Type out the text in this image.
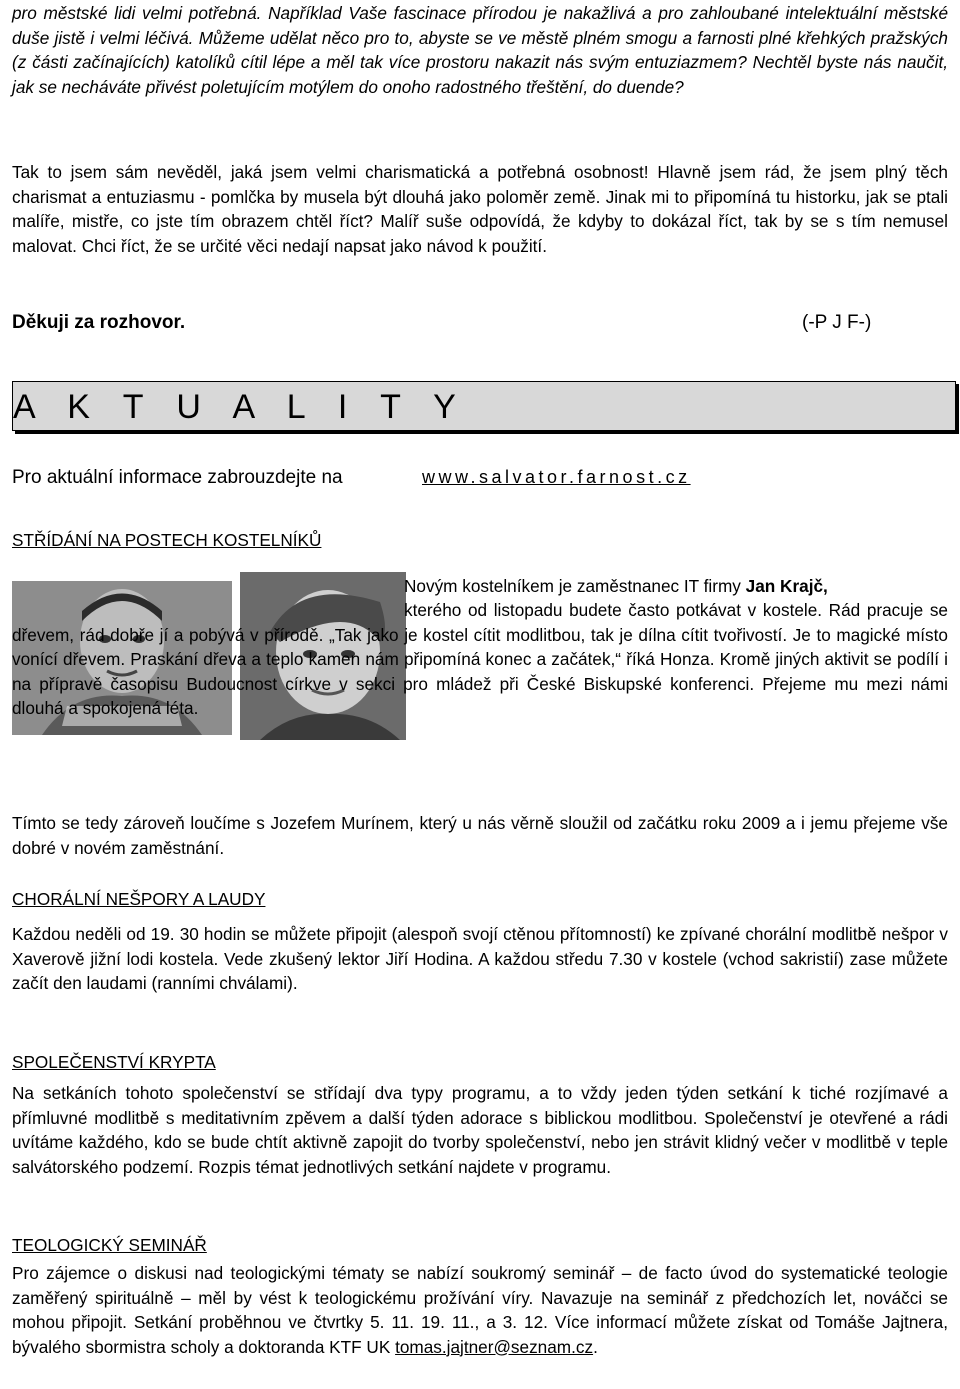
pro městské lidi velmi potřebná. Například Vaše fascinace přírodou je nakažlivá a pro zahloubané intelektuální městské duše jistě i velmi léčivá. Můžeme udělat něco pro to, abyste se ve městě plném smogu a farnosti plné křehkých pražských (z části začínajících) katolíků cítil lépe a měl tak více prostoru nakazit nás svým entuziazmem? Nechtěl byste nás naučit, jak se necháváte přivést poletujícím motýlem do onoho radostného třeštění, do duende?

Tak to jsem sám nevěděl, jaká jsem velmi charismatická a potřebná osobnost! Hlavně jsem rád, že jsem plný těch charismat a entuziasmu - pomlčka by musela být dlouhá jako poloměr země. Jinak mi to připomíná tu historku, jak se ptali malíře, mistře, co jste tím obrazem chtěl říct? Malíř suše odpovídá, že kdyby to dokázal říct, tak by se s tím nemusel malovat. Chci říct, že se určité věci nedají napsat jako návod k použití.

Děkuji za rozhovor.	(-P J F-)
A K T U A L I T Y
Pro aktuální informace zabrouzdejte na	www.salvator.farnost.cz

STŘÍDÁNÍ NA POSTECH KOSTELNÍKŮ

Novým kostelníkem je zaměstnanec IT firmy Jan Krajč,

kterého od listopadu budete často potkávat v kostele. Rád pracuje se dřevem, rád dobře jí a pobývá v přírodě. „Tak jako je kostel cítit modlitbou, tak je dílna cítit tvořivostí. Je to magické místo vonící dřevem. Praskání dřeva a teplo kamen nám připomíná konec a začátek,“ říká Honza. Kromě jiných aktivit se podílí i na přípravě časopisu Budoucnost církve v sekci pro mládež při České Biskupské konferenci. Přejeme mu mezi námi dlouhá a spokojená léta.

Tímto se tedy zároveň loučíme s Jozefem Murínem, který u nás věrně sloužil od začátku roku 2009 a i jemu přejeme vše dobré v novém zaměstnání.

CHORÁLNÍ NEŠPORY A LAUDY

Každou neděli od 19. 30 hodin se můžete připojit (alespoň svojí ctěnou přítomností) ke zpívané chorální modlitbě nešpor v Xaverově jižní lodi kostela. Vede zkušený lektor Jiří Hodina. A každou středu 7.30 v kostele (vchod sakristií) zase můžete začít den laudami (ranními chválami).

SPOLEČENSTVÍ KRYPTA

Na setkáních tohoto společenství se střídají dva typy programu, a to vždy jeden týden setkání k tiché rozjímavé a přímluvné modlitbě s meditativním zpěvem a další týden adorace s biblickou modlitbou. Společenství je otevřené a rádi uvítáme každého, kdo se bude chtít aktivně zapojit do tvorby společenství, nebo jen strávit klidný večer v modlitbě v teple salvátorského podzemí. Rozpis témat jednotlivých setkání najdete v programu.

TEOLOGICKÝ SEMINÁŘ

Pro zájemce o diskusi nad teologickými tématy se nabízí soukromý seminář – de facto úvod do systematické teologie zaměřený spirituálně – měl by vést k teologickému prožívání víry. Navazuje na seminář z předchozích let, nováčci se mohou připojit. Setkání proběhnou ve čtvrtky 5. 11. 19. 11., a 3. 12. Více informací můžete získat od Tomáše Jajtnera, bývalého sbormistra scholy a doktoranda KTF UK tomas.jajtner@seznam.cz.
